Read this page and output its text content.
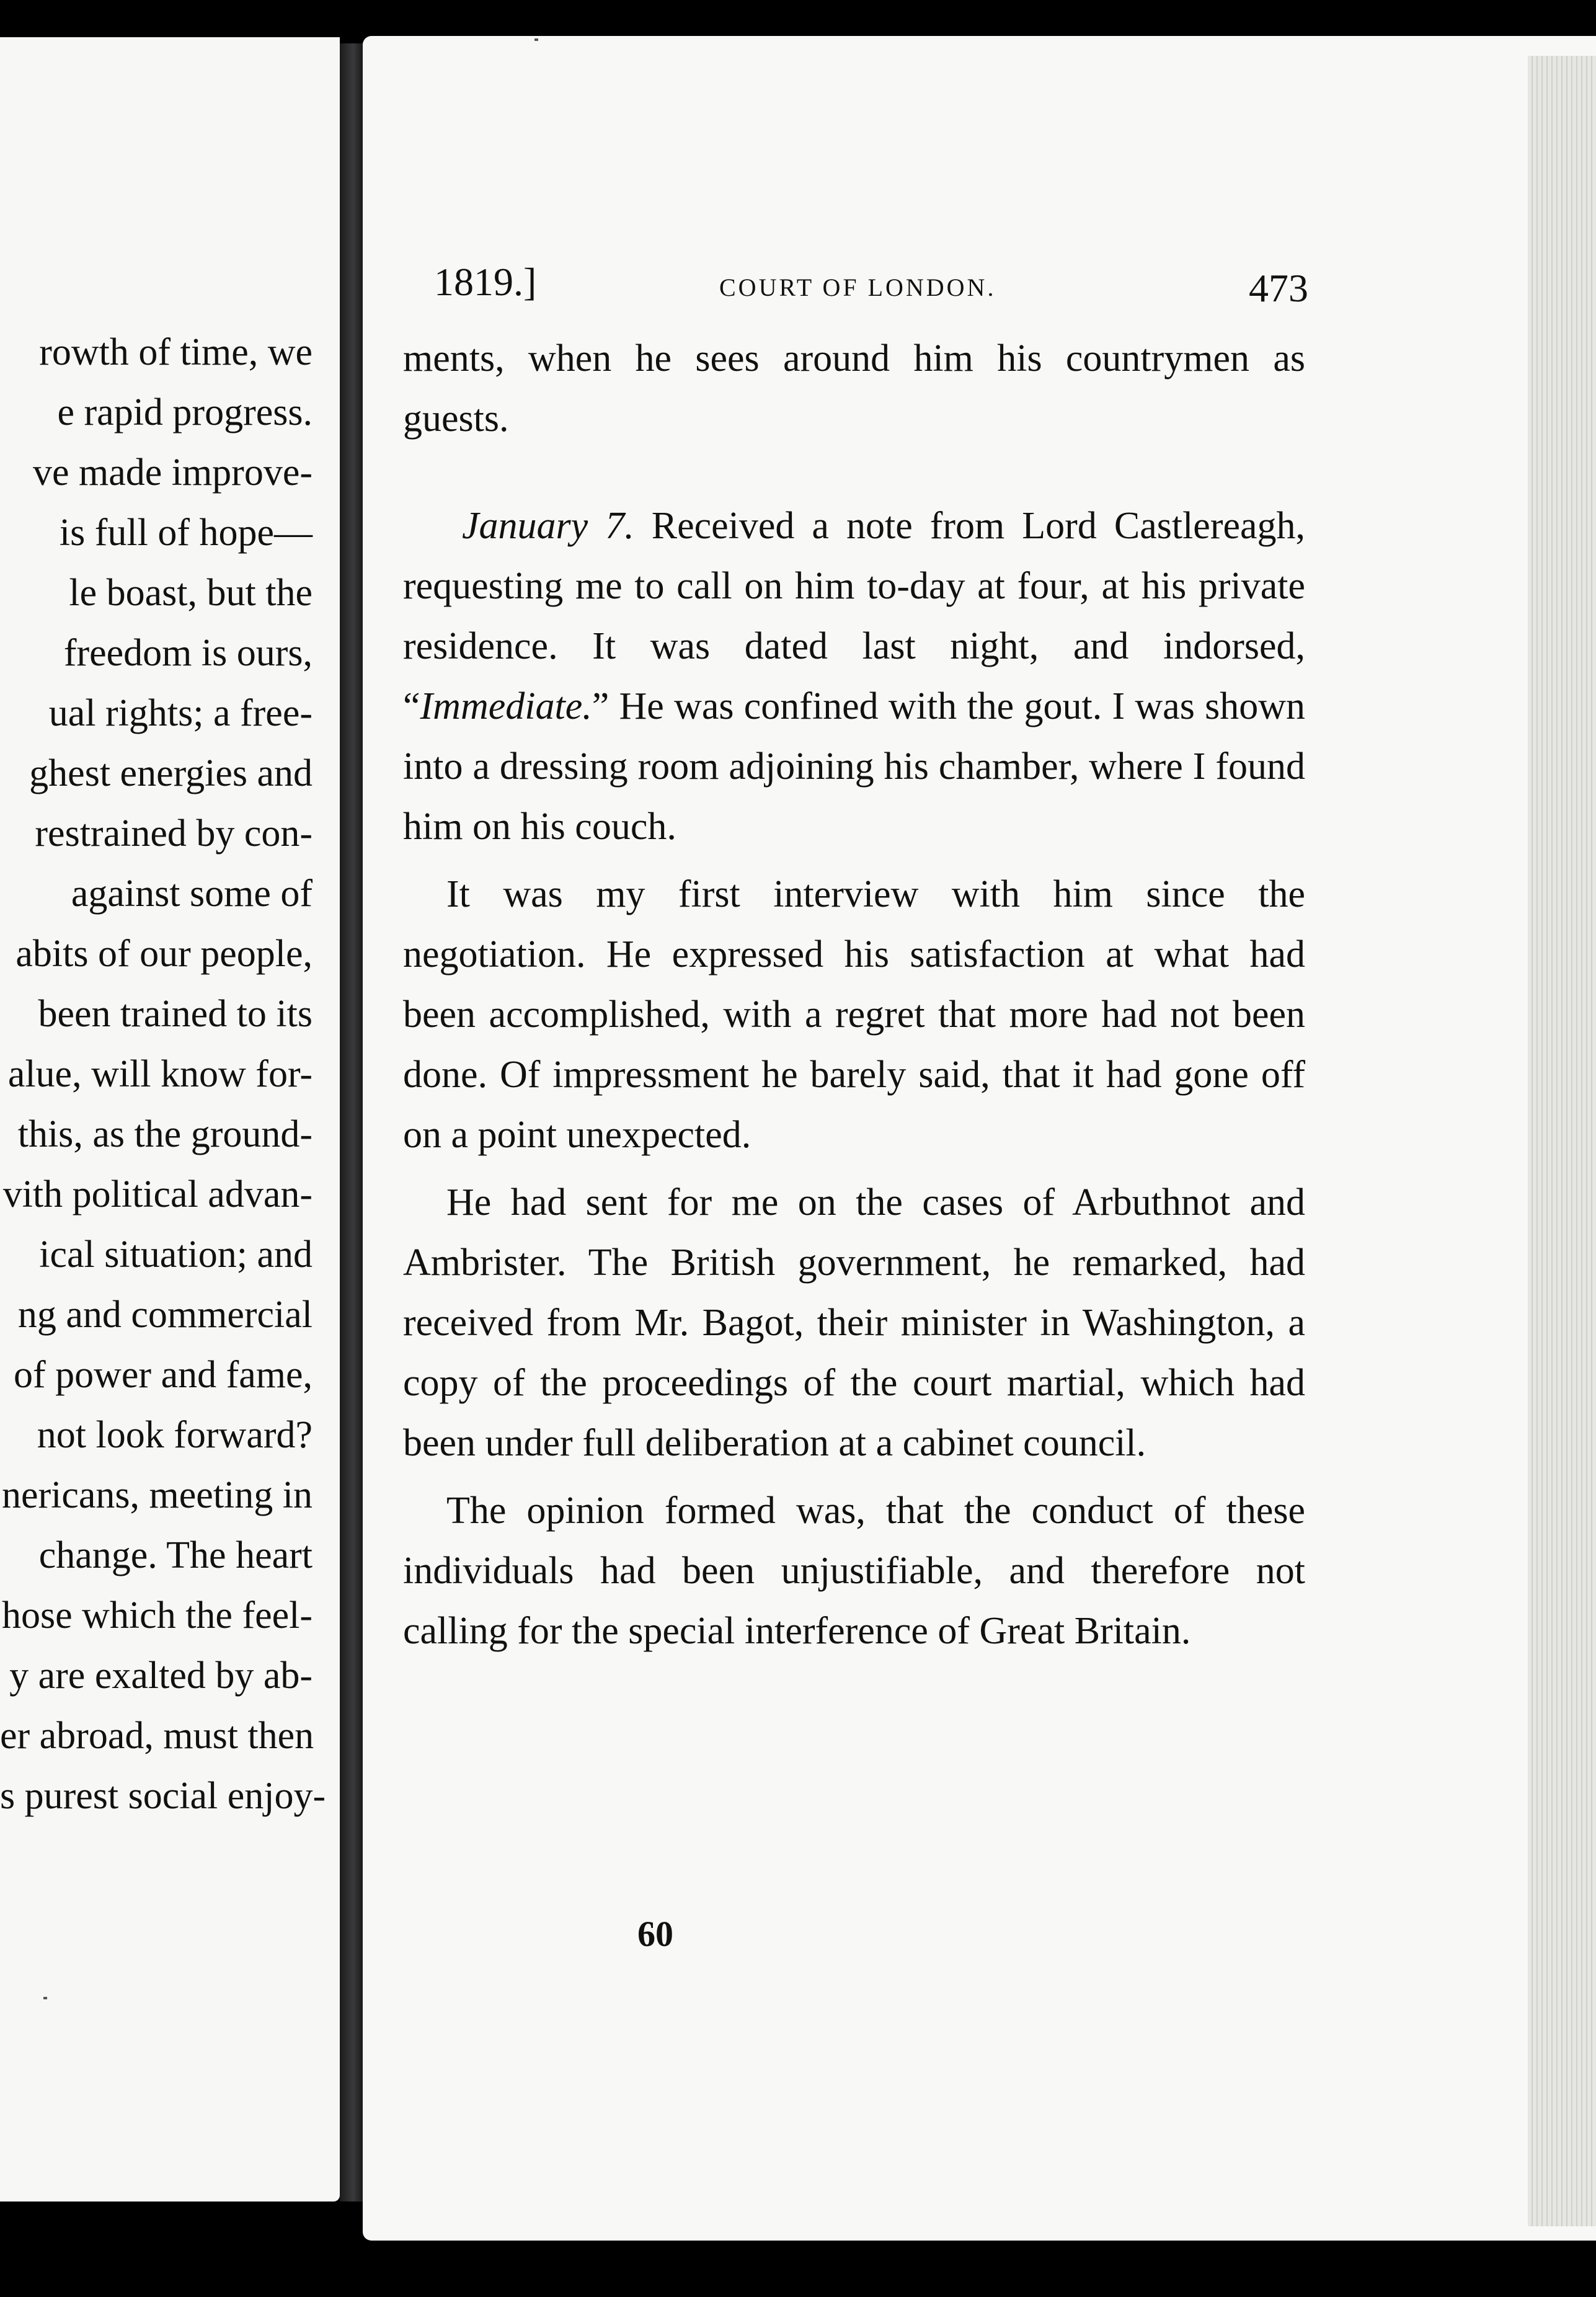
rowth of time, we
e rapid progress.
ve made improve-
is full of hope—
le boast, but the
freedom is ours,
ual rights; a free-
ghest energies and
restrained by con-
against some of
abits of our people,
been trained to its
alue, will know for-
this, as the ground-
vith political advan-
ical situation; and
ng and commercial
of power and fame,
not look forward?
nericans, meeting in
change. The heart
hose which the feel-
y are exalted by ab-
er abroad, must then
s purest social enjoy-
1819.]	COURT OF LONDON.	473

ments, when he sees around him his countrymen as guests.

January 7. Received a note from Lord Castlereagh, requesting me to call on him to-day at four, at his private residence. It was dated last night, and indorsed, “Immediate.” He was confined with the gout. I was shown into a dressing room adjoining his chamber, where I found him on his couch.

It was my first interview with him since the negotiation. He expressed his satisfaction at what had been accomplished, with a regret that more had not been done. Of impressment he barely said, that it had gone off on a point unexpected.

He had sent for me on the cases of Arbuthnot and Ambrister. The British government, he remarked, had received from Mr. Bagot, their minister in Washington, a copy of the proceedings of the court martial, which had been under full deliberation at a cabinet council.

The opinion formed was, that the conduct of these individuals had been unjustifiable, and therefore not calling for the special interference of Great Britain.

60
